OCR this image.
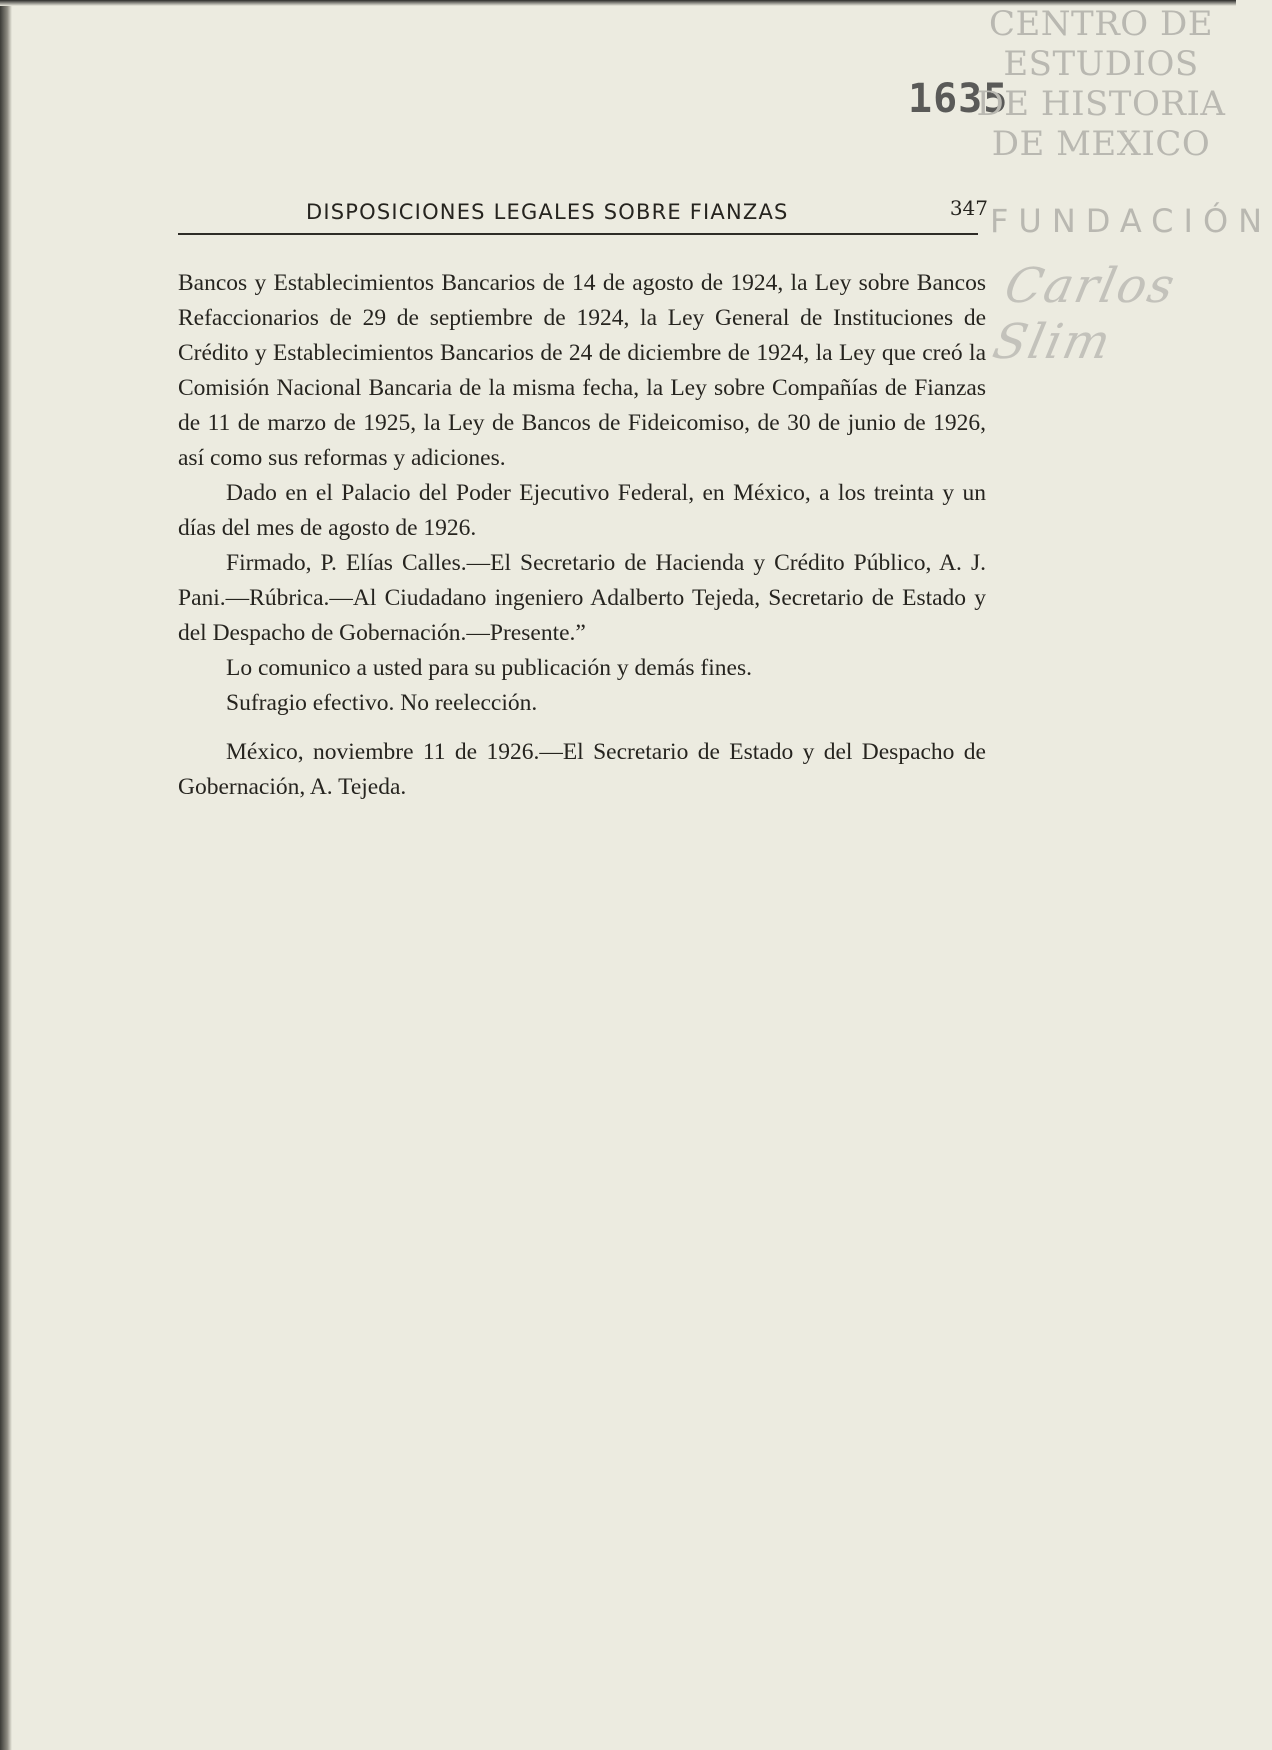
1635
CENTRO DE
ESTUDIOS
DE HISTORIA
DE MEXICO
FUNDACIÓN
Carlos Slim
DISPOSICIONES LEGALES SOBRE FIANZAS	347

Bancos y Establecimientos Bancarios de 14 de agosto de 1924, la Ley sobre Bancos Refaccionarios de 29 de septiembre de 1924, la Ley General de Instituciones de Crédito y Establecimientos Bancarios de 24 de diciembre de 1924, la Ley que creó la Comisión Nacional Bancaria de la misma fecha, la Ley sobre Compañías de Fianzas de 11 de marzo de 1925, la Ley de Bancos de Fideicomiso, de 30 de junio de 1926, así como sus reformas y adiciones.

Dado en el Palacio del Poder Ejecutivo Federal, en México, a los treinta y un días del mes de agosto de 1926.

Firmado, P. Elías Calles.—El Secretario de Hacienda y Crédito Público, A. J. Pani.—Rúbrica.—Al Ciudadano ingeniero Adalberto Tejeda, Secretario de Estado y del Despacho de Gobernación.—Presente.”

Lo comunico a usted para su publicación y demás fines.

Sufragio efectivo. No reelección.

México, noviembre 11 de 1926.—El Secretario de Estado y del Despacho de Gobernación, A. Tejeda.
